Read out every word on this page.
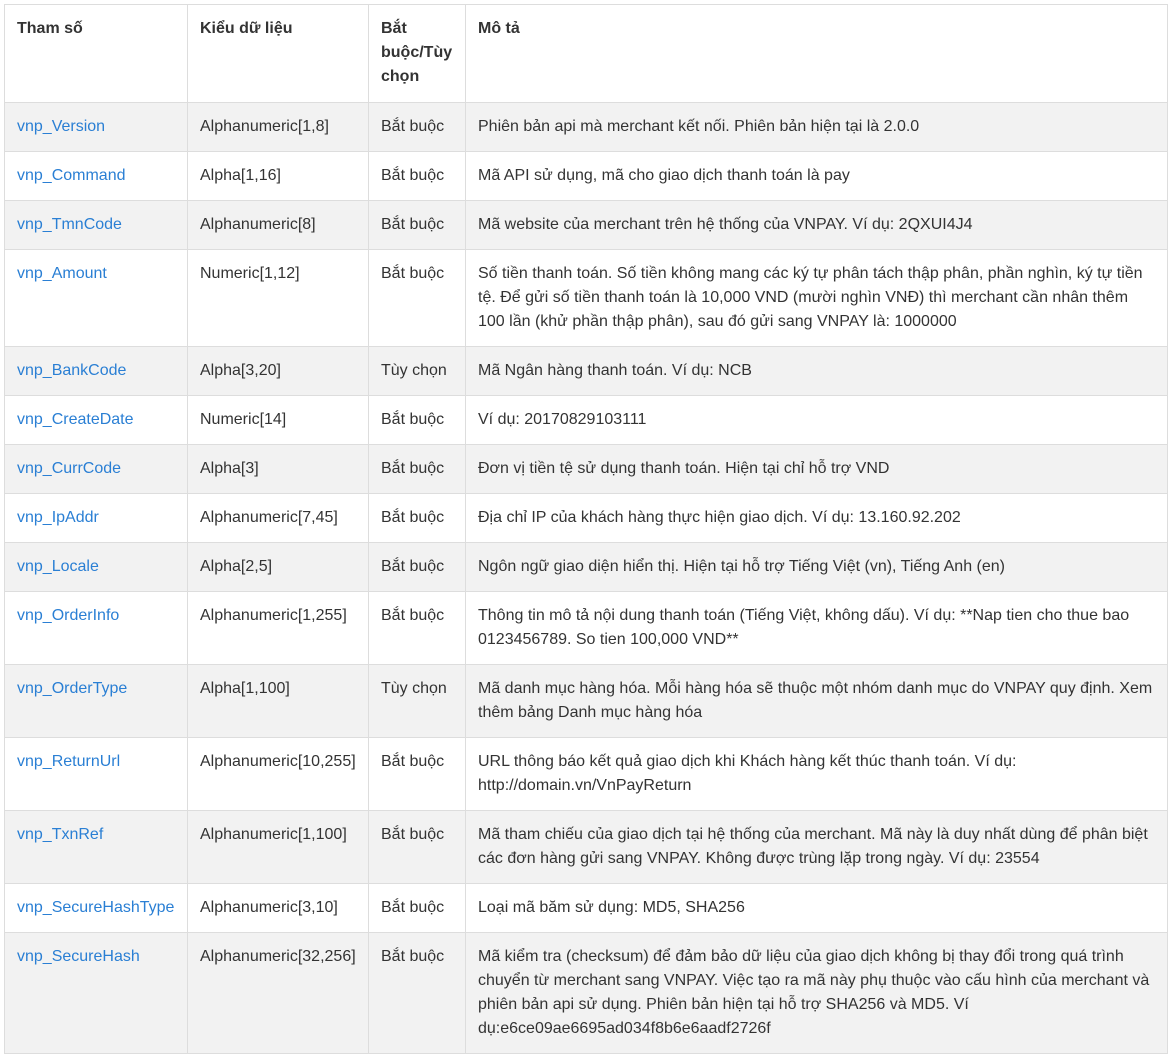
Tham số	Kiểu dữ liệu	Bắt buộc/Tùy chọn	Mô tả
vnp_Version	Alphanumeric[1,8]	Bắt buộc	Phiên bản api mà merchant kết nối. Phiên bản hiện tại là 2.0.0
vnp_Command	Alpha[1,16]	Bắt buộc	Mã API sử dụng, mã cho giao dịch thanh toán là pay
vnp_TmnCode	Alphanumeric[8]	Bắt buộc	Mã website của merchant trên hệ thống của VNPAY. Ví dụ: 2QXUI4J4
vnp_Amount	Numeric[1,12]	Bắt buộc	Số tiền thanh toán. Số tiền không mang các ký tự phân tách thập phân, phần nghìn, ký tự tiền tệ. Để gửi số tiền thanh toán là 10,000 VND (mười nghìn VNĐ) thì merchant cần nhân thêm 100 lần (khử phần thập phân), sau đó gửi sang VNPAY là: 1000000
vnp_BankCode	Alpha[3,20]	Tùy chọn	Mã Ngân hàng thanh toán. Ví dụ: NCB
vnp_CreateDate	Numeric[14]	Bắt buộc	Ví dụ: 20170829103111
vnp_CurrCode	Alpha[3]	Bắt buộc	Đơn vị tiền tệ sử dụng thanh toán. Hiện tại chỉ hỗ trợ VND
vnp_IpAddr	Alphanumeric[7,45]	Bắt buộc	Địa chỉ IP của khách hàng thực hiện giao dịch. Ví dụ: 13.160.92.202
vnp_Locale	Alpha[2,5]	Bắt buộc	Ngôn ngữ giao diện hiển thị. Hiện tại hỗ trợ Tiếng Việt (vn), Tiếng Anh (en)
vnp_OrderInfo	Alphanumeric[1,255]	Bắt buộc	Thông tin mô tả nội dung thanh toán (Tiếng Việt, không dấu). Ví dụ: **Nap tien cho thue bao 0123456789. So tien 100,000 VND**
vnp_OrderType	Alpha[1,100]	Tùy chọn	Mã danh mục hàng hóa. Mỗi hàng hóa sẽ thuộc một nhóm danh mục do VNPAY quy định. Xem thêm bảng Danh mục hàng hóa
vnp_ReturnUrl	Alphanumeric[10,255]	Bắt buộc	URL thông báo kết quả giao dịch khi Khách hàng kết thúc thanh toán. Ví dụ: http://domain.vn/VnPayReturn
vnp_TxnRef	Alphanumeric[1,100]	Bắt buộc	Mã tham chiếu của giao dịch tại hệ thống của merchant. Mã này là duy nhất dùng để phân biệt các đơn hàng gửi sang VNPAY. Không được trùng lặp trong ngày. Ví dụ: 23554
vnp_SecureHashType	Alphanumeric[3,10]	Bắt buộc	Loại mã băm sử dụng: MD5, SHA256
vnp_SecureHash	Alphanumeric[32,256]	Bắt buộc	Mã kiểm tra (checksum) để đảm bảo dữ liệu của giao dịch không bị thay đổi trong quá trình chuyển từ merchant sang VNPAY. Việc tạo ra mã này phụ thuộc vào cấu hình của merchant và phiên bản api sử dụng. Phiên bản hiện tại hỗ trợ SHA256 và MD5. Ví dụ:e6ce09ae6695ad034f8b6e6aadf2726f
